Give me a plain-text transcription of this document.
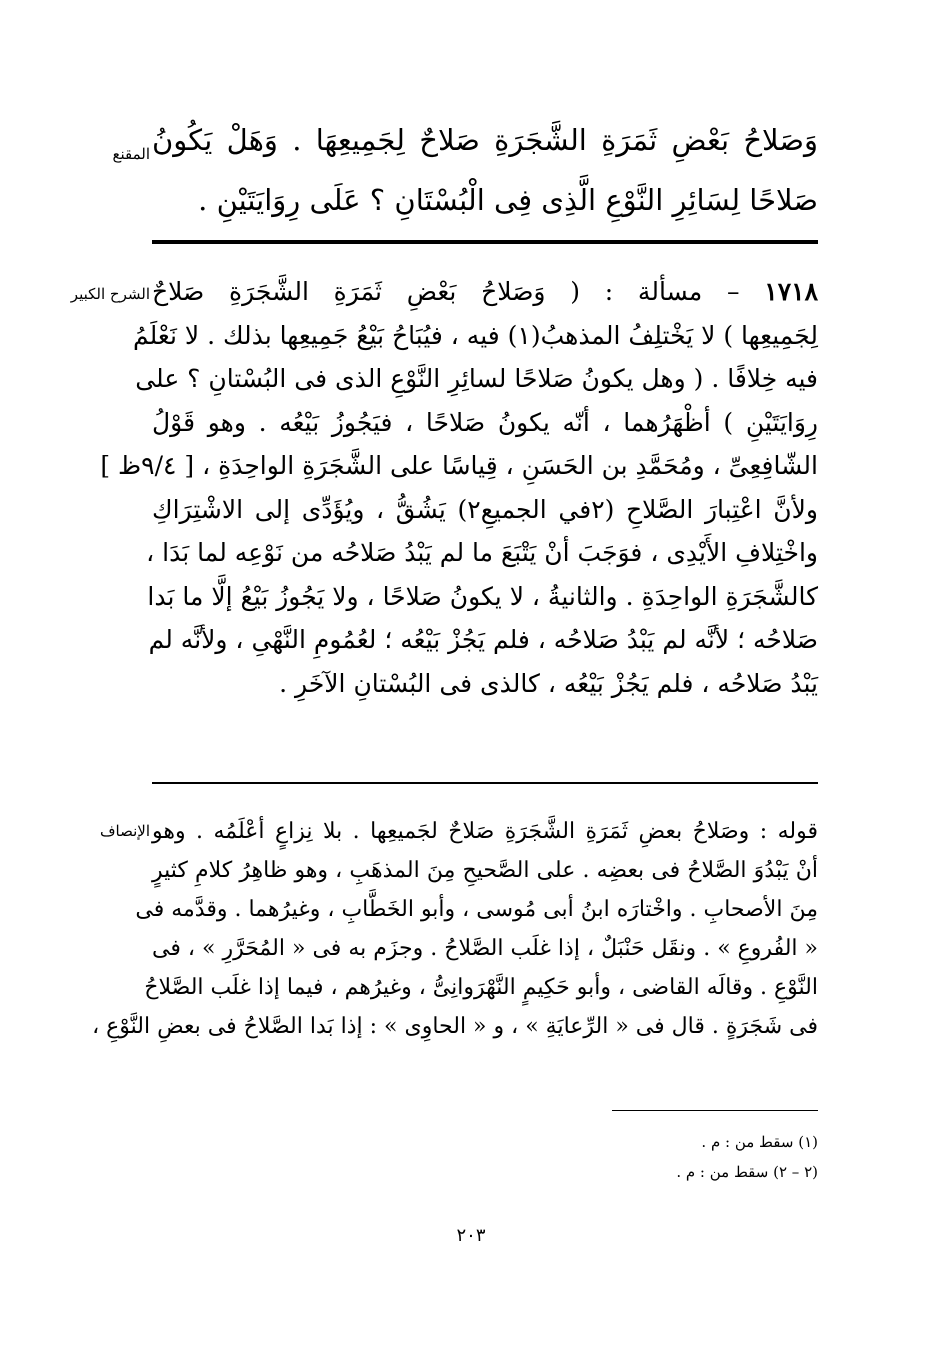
المقنع وَصَلاحُ بَعْضِ ثَمَرَةِ الشَّجَرَةِ صَلاحٌ لِجَمِيعِهَا . وَهَلْ يَكُونُ
صَلاحًا لِسَائِرِ النَّوْعِ الَّذِى فِى الْبُسْتَانِ ؟ عَلَى رِوَايَتَيْنِ .
الشرح الكبير	١٧١٨ – مسألة : ( وَصَلاحُ بَعْضِ ثَمَرَةِ الشَّجَرَةِ صَلاحٌ
لِجَمِيعِها ) لا يَخْتلِفُ المذهبُ(١) فيه ، فيُبَاحُ بَيْعُ جَمِيعِها بذلك . لا نَعْلَمُ
فيه خِلافًا . ( وهل يكونُ صَلاحًا لسائِرِ النَّوْعِ الذى فى البُسْتانِ ؟ على
رِوَايَتَيْنِ ) أظْهَرُهما ، أنّه يكونُ صَلاحًا ، فيَجُوزُ بَيْعُه . وهو قَوْلُ
الشّافِعِىِّ ، ومُحَمَّدِ بن الحَسَنِ ، قِياسًا على الشَّجَرَةِ الواحِدَةِ ، [ ٩/٤ظ ]
ولأنَّ اعْتِبارَ الصَّلاحِ (٢في الجميعِ٢) يَشُقُّ ، ويُؤَدِّى إلى الاشْتِرَاكِ
واخْتِلافِ الأَيْدِى ، فوَجَبَ أنْ يَتْبَعَ ما لم يَبْدُ صَلاحُه من نَوْعِه لما بَدَا ،
كالشَّجَرَةِ الواحِدَةِ . والثانيةُ ، لا يكونُ صَلاحًا ، ولا يَجُوزُ بَيْعُ إلَّا ما بَدا
صَلاحُه ؛ لأنَّه لم يَبْدُ صَلاحُه ، فلم يَجُزْ بَيْعُه ؛ لعُمُومِ النَّهْىِ ، ولأنَّه لم
يَبْدُ صَلاحُه ، فلم يَجُزْ بَيْعُه ، كالذى فى البُسْتانِ الآخَرِ .
الإنصاف قوله : وصَلاحُ بعضِ ثَمَرَةِ الشَّجَرَةِ صَلاحٌ لجَميعِها . بلا نِزاعٍ أعْلَمُه . وهو
أنْ يَبْدُوَ الصَّلاحُ فى بعضِه . على الصَّحيحِ مِنَ المذهَبِ ، وهو ظاهِرُ كلامِ كثيرٍ
مِنَ الأصحابِ . واخْتارَه ابنُ أبى مُوسى ، وأبو الخَطَّابِ ، وغيرُهما . وقدَّمه فى
« الفُروعِ » . ونقَل حَنْبَلٌ ، إذا غلَب الصَّلاحُ . وجزَم به فى « المُحَرَّرِ » ، فى
النَّوْعِ . وقالَه القاضى ، وأبو حَكِيمٍ النَّهْرَوانِىُّ ، وغيرُهم ، فيما إذا غلَب الصَّلاحُ
فى شَجَرَةٍ . قال فى « الرِّعايَةِ » ، و « الحاوِى » : إذا بَدا الصَّلاحُ فى بعضِ النَّوْعِ ،
(١) سقط من : م .
(٢ – ٢) سقط من : م .
٢٠٣
